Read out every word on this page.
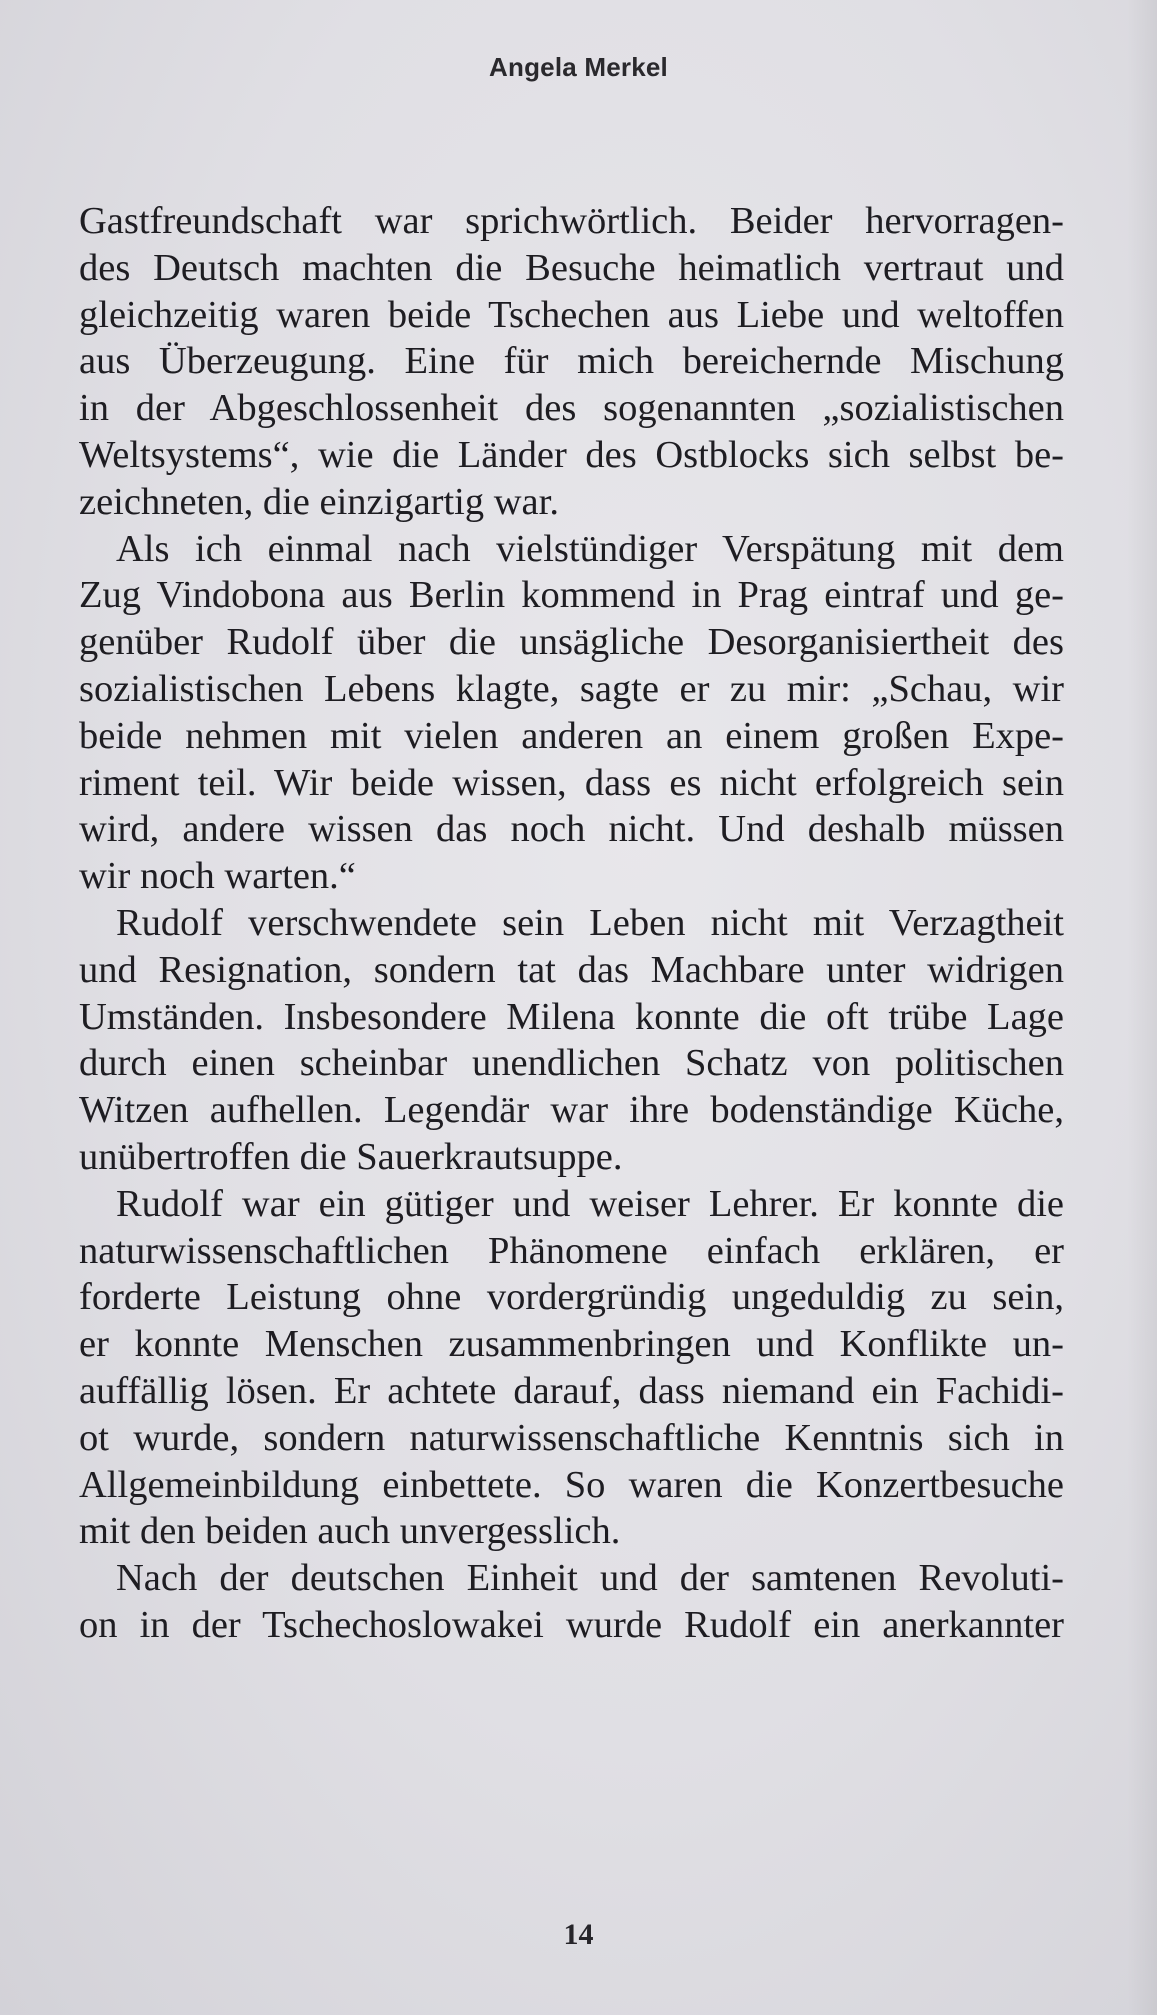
Angela Merkel
Gastfreundschaft war sprichwörtlich. Beider hervorragen-
des Deutsch machten die Besuche heimatlich vertraut und
gleichzeitig waren beide Tschechen aus Liebe und weltoffen
aus Überzeugung. Eine für mich bereichernde Mischung
in der Abgeschlossenheit des sogenannten „sozialistischen
Weltsystems“, wie die Länder des Ostblocks sich selbst be-
zeichneten, die einzigartig war.
Als ich einmal nach vielstündiger Verspätung mit dem
Zug Vindobona aus Berlin kommend in Prag eintraf und ge-
genüber Rudolf über die unsägliche Desorganisiertheit des
sozialistischen Lebens klagte, sagte er zu mir: „Schau, wir
beide nehmen mit vielen anderen an einem großen Expe-
riment teil. Wir beide wissen, dass es nicht erfolgreich sein
wird, andere wissen das noch nicht. Und deshalb müssen
wir noch warten.“
Rudolf verschwendete sein Leben nicht mit Verzagtheit
und Resignation, sondern tat das Machbare unter widrigen
Umständen. Insbesondere Milena konnte die oft trübe Lage
durch einen scheinbar unendlichen Schatz von politischen
Witzen aufhellen. Legendär war ihre bodenständige Küche,
unübertroffen die Sauerkrautsuppe.
Rudolf war ein gütiger und weiser Lehrer. Er konnte die
naturwissenschaftlichen Phänomene einfach erklären, er
forderte Leistung ohne vordergründig ungeduldig zu sein,
er konnte Menschen zusammenbringen und Konflikte un-
auffällig lösen. Er achtete darauf, dass niemand ein Fachidi-
ot wurde, sondern naturwissenschaftliche Kenntnis sich in
Allgemeinbildung einbettete. So waren die Konzertbesuche
mit den beiden auch unvergesslich.
Nach der deutschen Einheit und der samtenen Revoluti-
on in der Tschechoslowakei wurde Rudolf ein anerkannter
14
